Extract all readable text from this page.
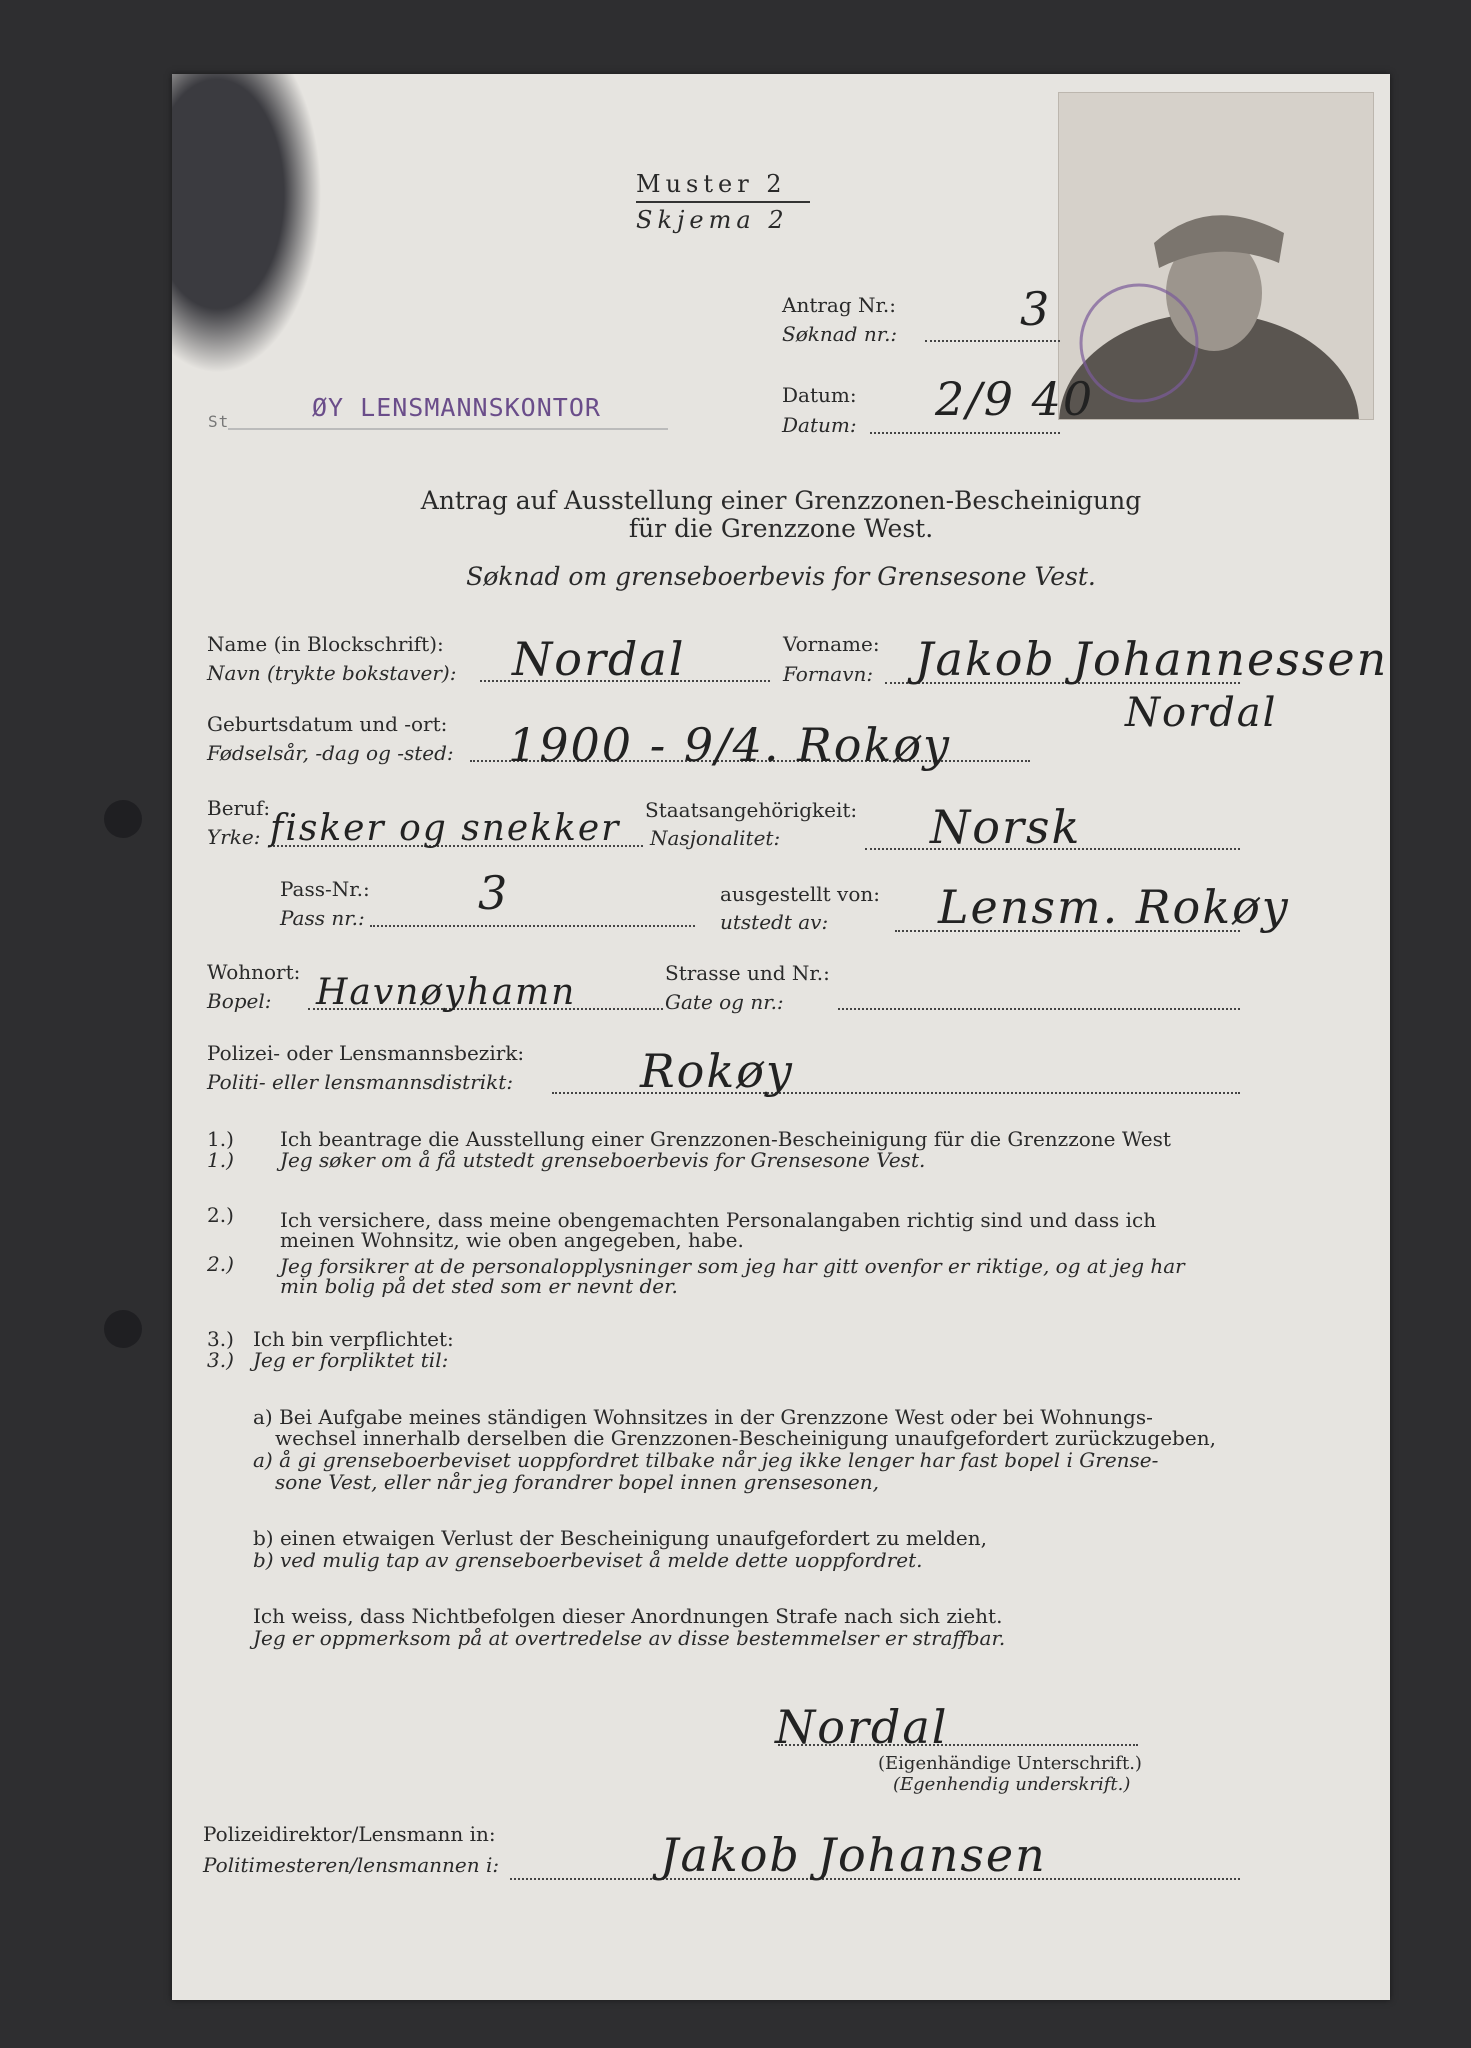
Muster 2
Skjema 2
Antrag Nr.:
Søknad nr.:	3
Datum:
Datum: 2/9 40
St	ØY LENSMANNSKONTOR
Antrag auf Ausstellung einer Grenzzonen-Bescheinigung
für die Grenzzone West.
Søknad om grenseboerbevis for Grensesone Vest.
Name (in Blockschrift):
Navn (trykte bokstaver): Nordal	Vorname:
Fornavn: Jakob Johannessen
Nordal
Geburtsdatum und -ort:
Fødselsår, -dag og -sted: 1900 - 9/4. Rokøy
Beruf:
Yrke: fisker og snekker Staatsangehörigkeit:
Nasjonalitet:	Norsk
Pass-Nr.:
Pass nr.: 3	ausgestellt von:
utstedt av: Lensm. Rokøy
Wohnort:
Bopel: Havnøyhamn	Strasse und Nr.:
Gate og nr.:
Polizei- oder Lensmannsbezirk:
Politi- eller lensmannsdistrikt:	Rokøy
1.) Ich beantrage die Ausstellung einer Grenzzonen-Bescheinigung für die Grenzzone West
1.) Jeg søker om å få utstedt grenseboerbevis for Grensesone Vest.
2.) Ich versichere, dass meine obengemachten Personalangaben richtig sind und dass ich
meinen Wohnsitz, wie oben angegeben, habe.
2.) Jeg forsikrer at de personalopplysninger som jeg har gitt ovenfor er riktige, og at jeg har
min bolig på det sted som er nevnt der.
3.) Ich bin verpflichtet:
3.) Jeg er forpliktet til:
a) Bei Aufgabe meines ständigen Wohnsitzes in der Grenzzone West oder bei Wohnungs-
wechsel innerhalb derselben die Grenzzonen-Bescheinigung unaufgefordert zurückzugeben,
a) å gi grenseboerbeviset uoppfordret tilbake når jeg ikke lenger har fast bopel i Grense-
sone Vest, eller når jeg forandrer bopel innen grensesonen,
b) einen etwaigen Verlust der Bescheinigung unaufgefordert zu melden,
b) ved mulig tap av grenseboerbeviset å melde dette uoppfordret.
Ich weiss, dass Nichtbefolgen dieser Anordnungen Strafe nach sich zieht.
Jeg er oppmerksom på at overtredelse av disse bestemmelser er straffbar.
Nordal
(Eigenhändige Unterschrift.)
(Egenhendig underskrift.)
Polizeidirektor/Lensmann in:
Politimesteren/lensmannen i:	Jakob Johansen
